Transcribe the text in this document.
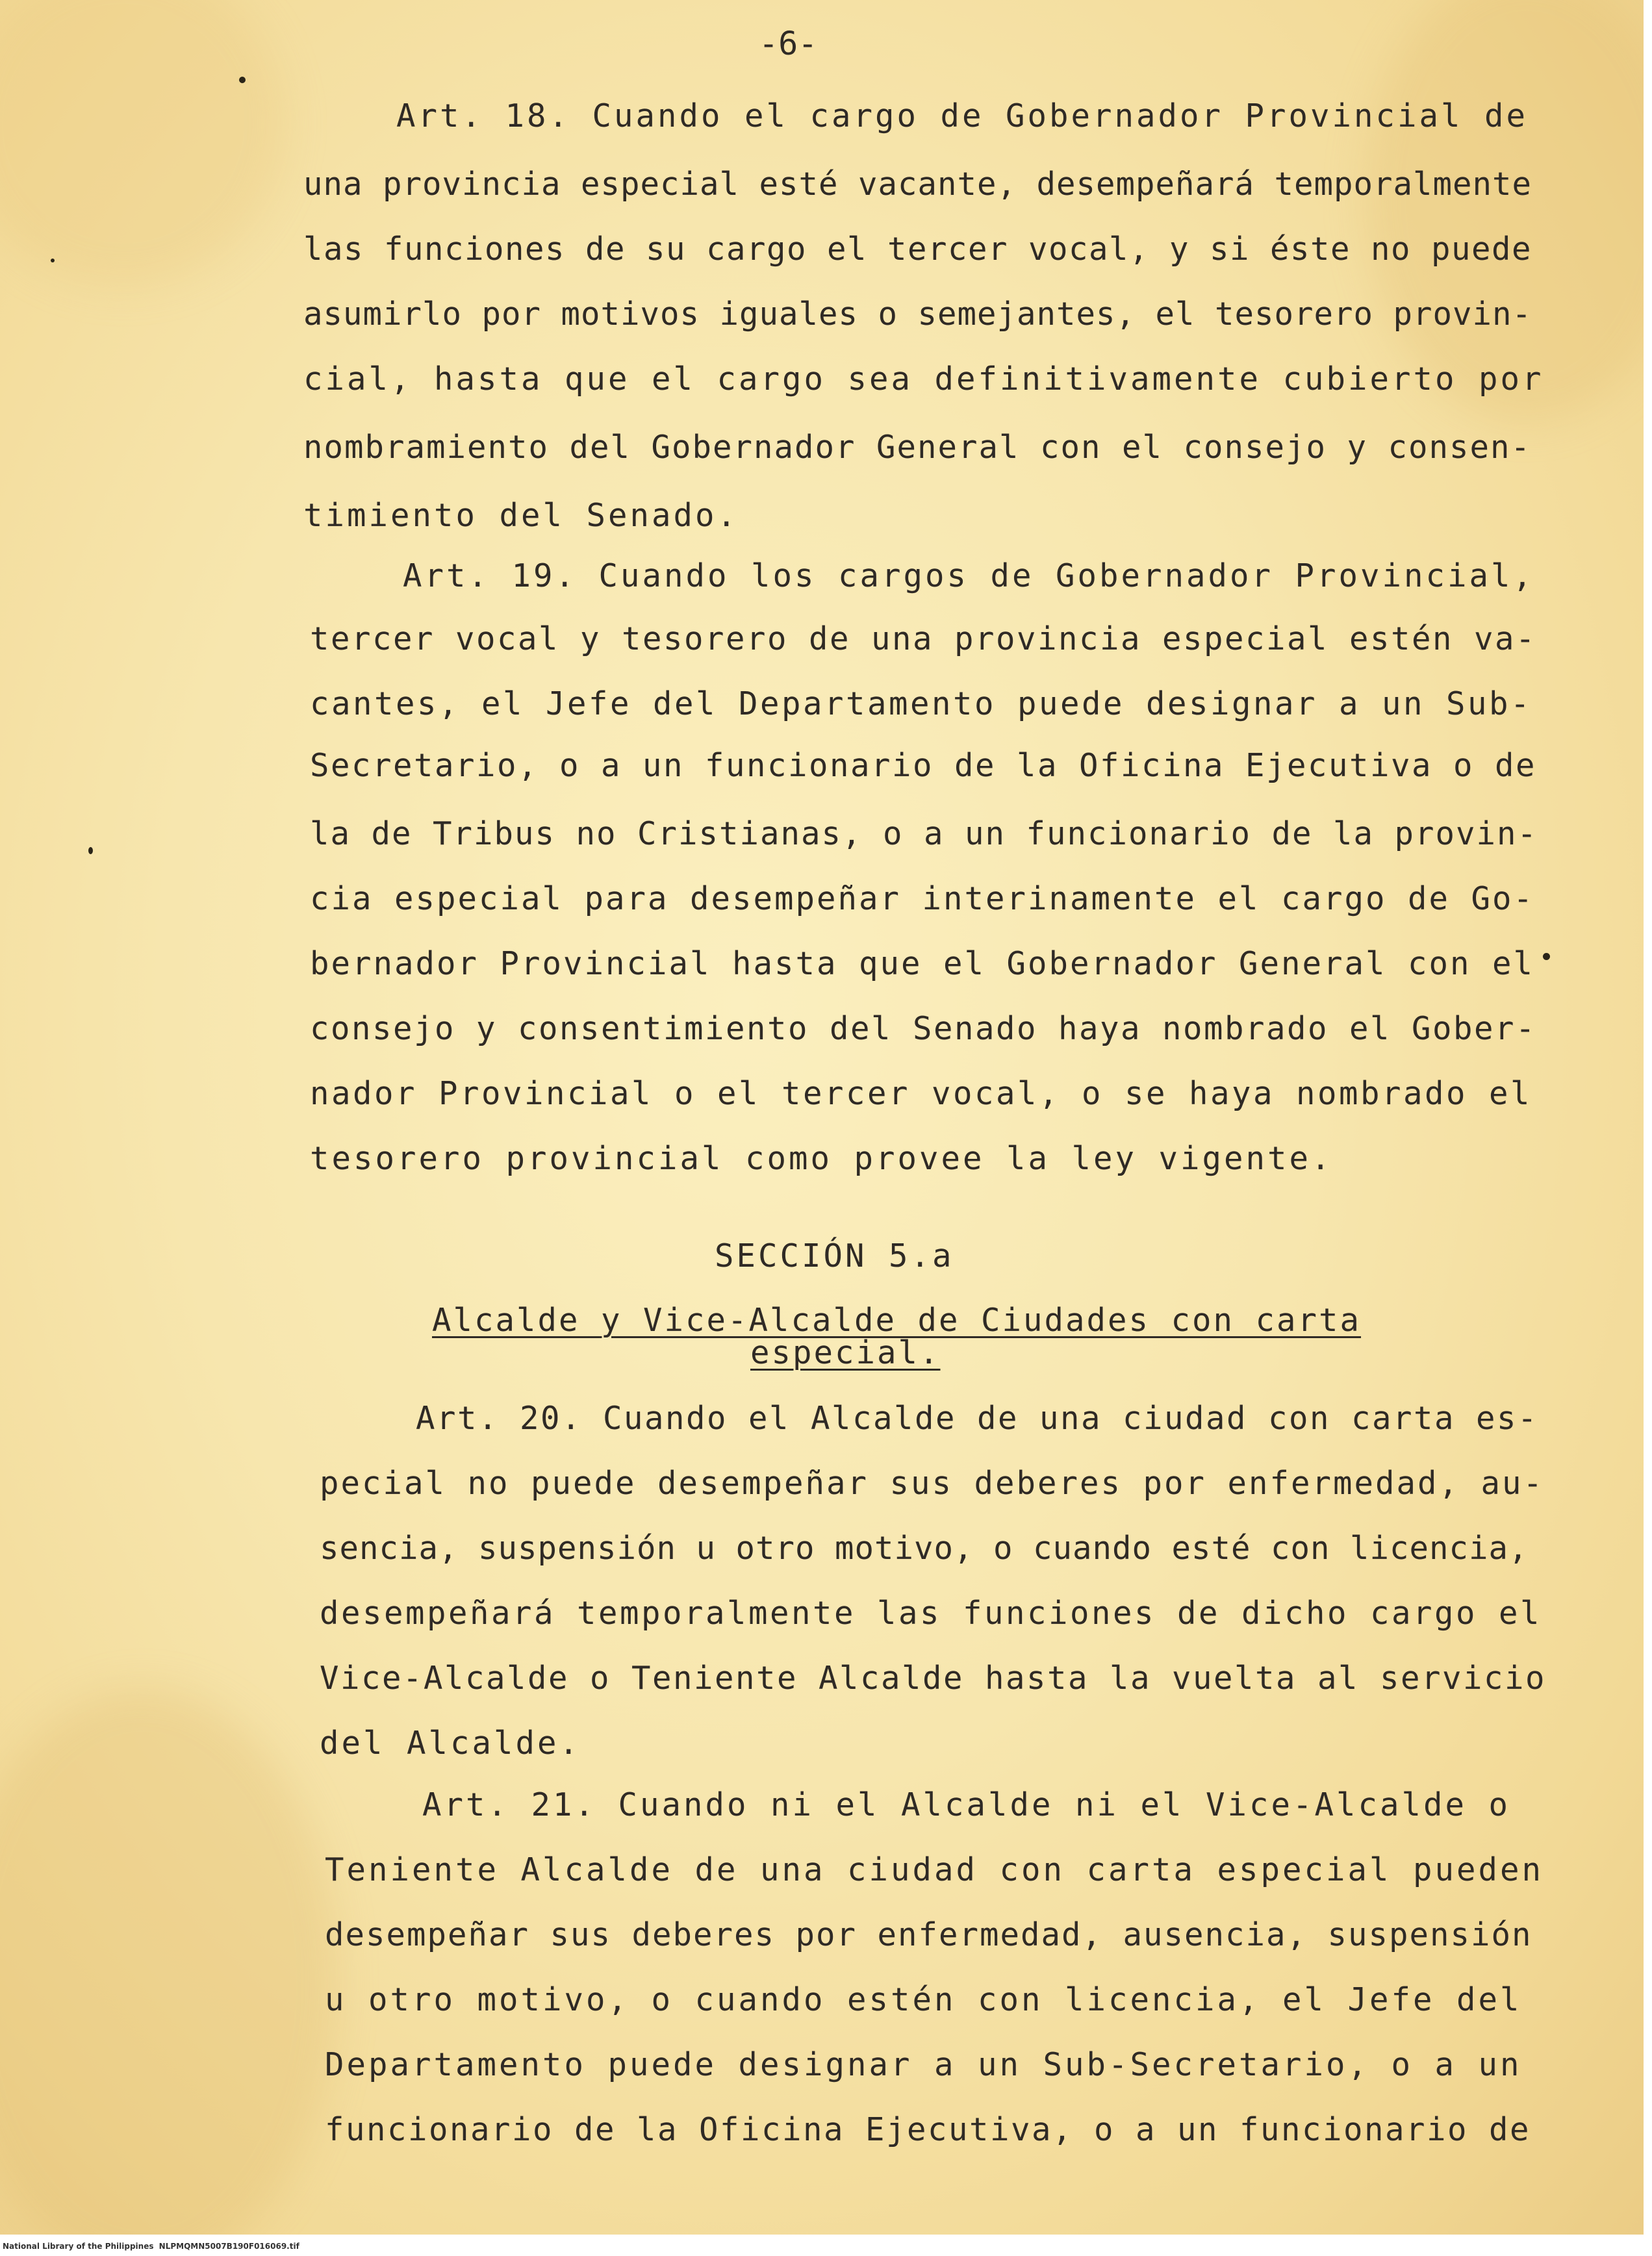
-6-
Art. 18. Cuando el cargo de Gobernador Provincial de
una provincia especial esté vacante, desempeñará temporalmente
las funciones de su cargo el tercer vocal, y si éste no puede
asumirlo por motivos iguales o semejantes, el tesorero provin-
cial, hasta que el cargo sea definitivamente cubierto por
nombramiento del Gobernador General con el consejo y consen-
timiento del Senado.
Art. 19. Cuando los cargos de Gobernador Provincial,
tercer vocal y tesorero de una provincia especial estén va-
cantes, el Jefe del Departamento puede designar a un Sub-
Secretario, o a un funcionario de la Oficina Ejecutiva o de
la de Tribus no Cristianas, o a un funcionario de la provin-
cia especial para desempeñar interinamente el cargo de Go-
bernador Provincial hasta que el Gobernador General con el
consejo y consentimiento del Senado haya nombrado el Gober-
nador Provincial o el tercer vocal, o se haya nombrado el
tesorero provincial como provee la ley vigente.
SECCIÓN 5.a
Alcalde y Vice-Alcalde de Ciudades con carta
especial.
Art. 20. Cuando el Alcalde de una ciudad con carta es-
pecial no puede desempeñar sus deberes por enfermedad, au-
sencia, suspensión u otro motivo, o cuando esté con licencia,
desempeñará temporalmente las funciones de dicho cargo el
Vice-Alcalde o Teniente Alcalde hasta la vuelta al servicio
del Alcalde.
Art. 21. Cuando ni el Alcalde ni el Vice-Alcalde o
Teniente Alcalde de una ciudad con carta especial pueden
desempeñar sus deberes por enfermedad, ausencia, suspensión
u otro motivo, o cuando estén con licencia, el Jefe del
Departamento puede designar a un Sub-Secretario, o a un
funcionario de la Oficina Ejecutiva, o a un funcionario de
National Library of the Philippines NLPMQMN5007B190F016069.tif
